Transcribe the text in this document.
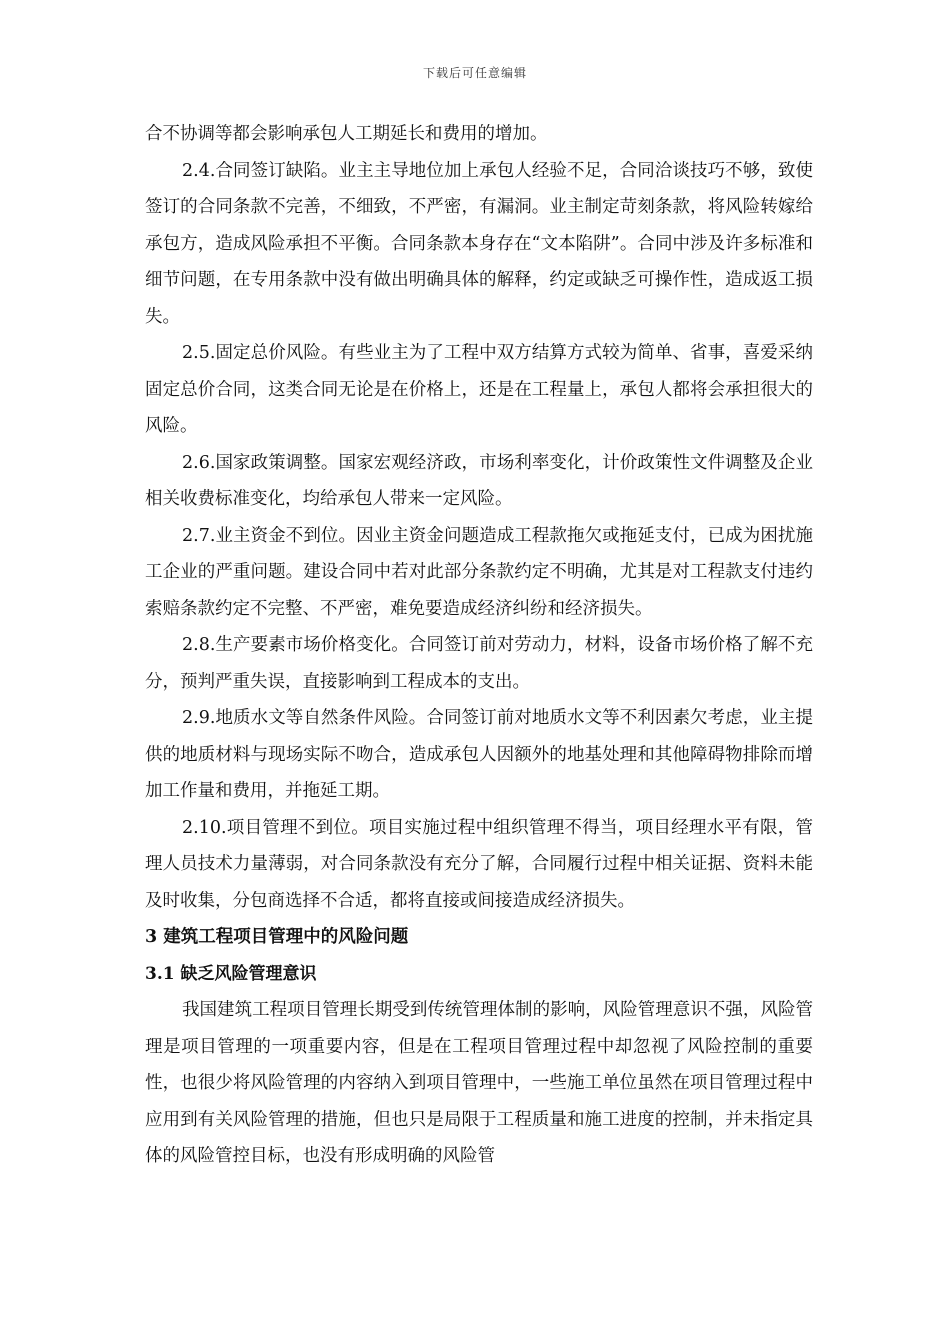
下载后可任意编辑

合不协调等都会影响承包人工期延长和费用的增加。

2.4.合同签订缺陷。业主主导地位加上承包人经验不足，合同洽谈技巧不够，致使签订的合同条款不完善，不细致，不严密，有漏洞。业主制定苛刻条款，将风险转嫁给承包方，造成风险承担不平衡。合同条款本身存在“文本陷阱”。合同中涉及许多标准和细节问题，在专用条款中没有做出明确具体的解释，约定或缺乏可操作性，造成返工损失。

2.5.固定总价风险。有些业主为了工程中双方结算方式较为简单、省事，喜爱采纳固定总价合同，这类合同无论是在价格上，还是在工程量上，承包人都将会承担很大的风险。

2.6.国家政策调整。国家宏观经济政，市场利率变化，计价政策性文件调整及企业相关收费标准变化，均给承包人带来一定风险。

2.7.业主资金不到位。因业主资金问题造成工程款拖欠或拖延支付，已成为困扰施工企业的严重问题。建设合同中若对此部分条款约定不明确，尤其是对工程款支付违约索赔条款约定不完整、不严密，难免要造成经济纠纷和经济损失。

2.8.生产要素市场价格变化。合同签订前对劳动力，材料，设备市场价格了解不充分，预判严重失误，直接影响到工程成本的支出。

2.9.地质水文等自然条件风险。合同签订前对地质水文等不利因素欠考虑，业主提供的地质材料与现场实际不吻合，造成承包人因额外的地基处理和其他障碍物排除而增加工作量和费用，并拖延工期。

2.10.项目管理不到位。项目实施过程中组织管理不得当，项目经理水平有限，管理人员技术力量薄弱，对合同条款没有充分了解，合同履行过程中相关证据、资料未能及时收集，分包商选择不合适，都将直接或间接造成经济损失。

3 建筑工程项目管理中的风险问题
3.1 缺乏风险管理意识

我国建筑工程项目管理长期受到传统管理体制的影响，风险管理意识不强，风险管理是项目管理的一项重要内容，但是在工程项目管理过程中却忽视了风险控制的重要性，也很少将风险管理的内容纳入到项目管理中，一些施工单位虽然在项目管理过程中应用到有关风险管理的措施，但也只是局限于工程质量和施工进度的控制，并未指定具体的风险管控目标，也没有形成明确的风险管
